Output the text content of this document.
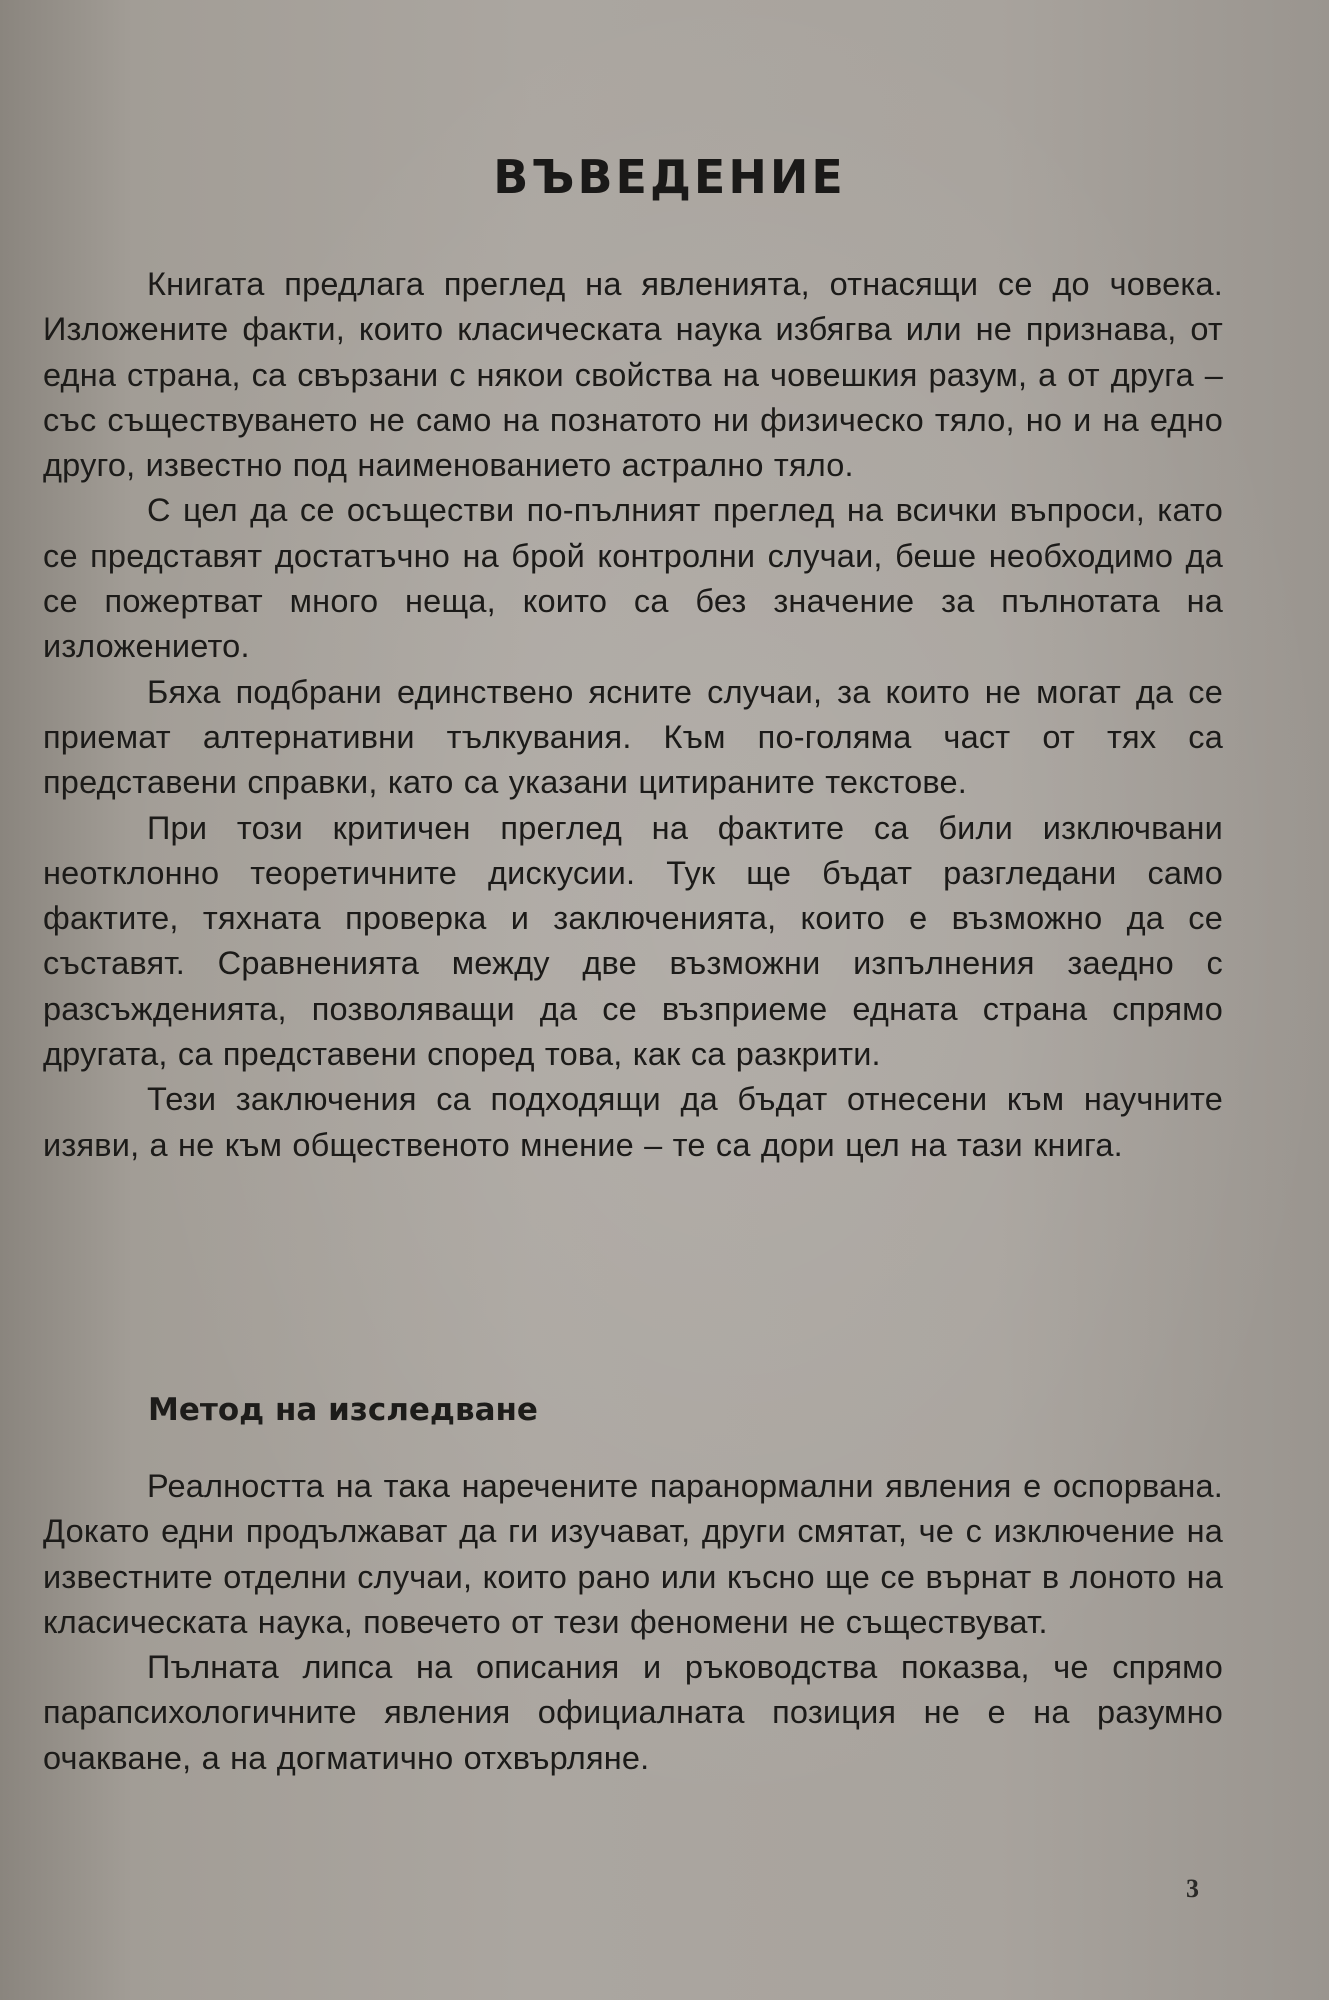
ВЪВЕДЕНИЕ

Книгата предлага преглед на явленията, отнасящи се до човека. Изложените факти, които класическата наука избягва или не признава, от една страна, са свързани с някои свойства на човешкия разум, а от друга – със съществуването не само на познатото ни физическо тяло, но и на едно друго, известно под наименованието астрално тяло.

С цел да се осъществи по-пълният преглед на всички въпроси, като се представят достатъчно на брой контролни случаи, беше необходимо да се пожертват много неща, които са без значение за пълнотата на изложението.

Бяха подбрани единствено ясните случаи, за които не могат да се приемат алтернативни тълкувания. Към по-голяма част от тях са представени справки, като са указани цитираните текстове.

При този критичен преглед на фактите са били изключвани неотклонно теоретичните дискусии. Тук ще бъдат разгледани само фактите, тяхната проверка и заключенията, които е възможно да се съставят. Сравненията между две възможни изпълнения заедно с разсъжденията, позволяващи да се възприеме едната страна спрямо другата, са представени според това, как са разкрити.

Тези заключения са подходящи да бъдат отнесени към научните изяви, а не към общественото мнение – те са дори цел на тази книга.

Метод на изследване

Реалността на така наречените паранормални явления е оспорвана. Докато едни продължават да ги изучават, други смятат, че с изключение на известните отделни случаи, които рано или късно ще се върнат в лоното на класическата наука, повечето от тези феномени не съществуват.

Пълната липса на описания и ръководства показва, че спрямо парапсихологичните явления официалната позиция не е на разумно очакване, а на догматично отхвърляне.

3
